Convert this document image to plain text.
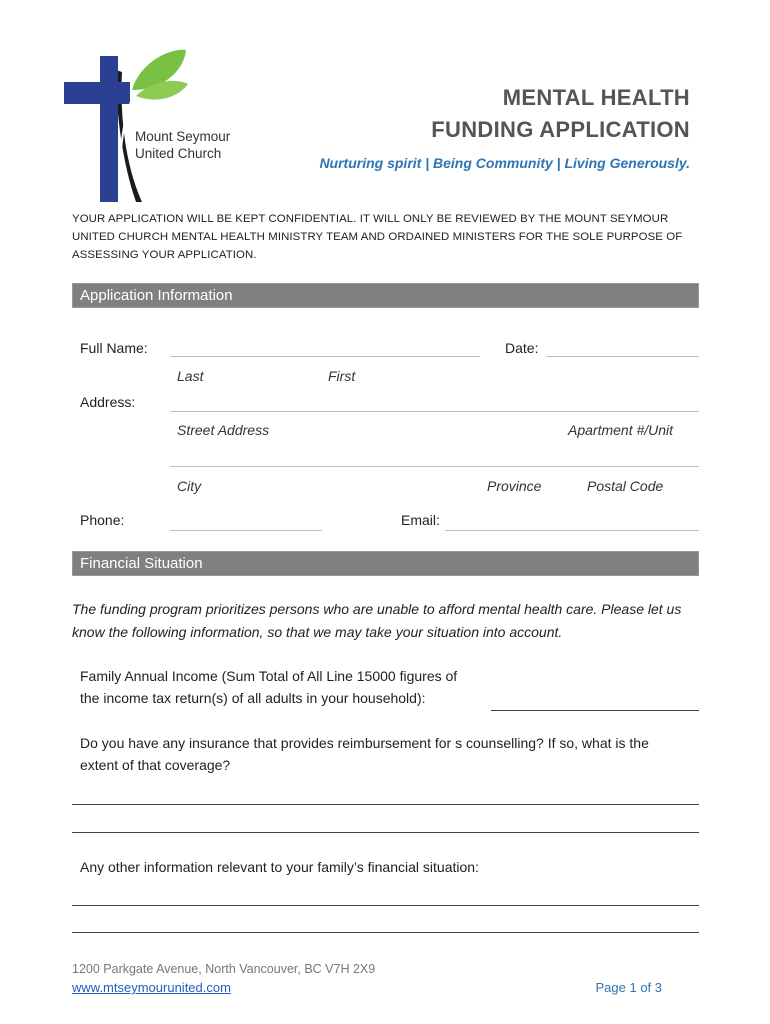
Mount Seymour
United Church
MENTAL HEALTH
FUNDING APPLICATION
Nurturing spirit | Being Community | Living Generously.
YOUR APPLICATION WILL BE KEPT CONFIDENTIAL. IT WILL ONLY BE REVIEWED BY THE MOUNT SEYMOUR UNITED CHURCH MENTAL HEALTH MINISTRY TEAM AND ORDAINED MINISTERS FOR THE SOLE PURPOSE OF ASSESSING YOUR APPLICATION.
Application Information
Full Name:	Date:
Last	First
Address:
Street Address	Apartment #/Unit
City	Province	Postal Code
Phone:	Email:
Financial Situation
The funding program prioritizes persons who are unable to afford mental health care. Please let us
know the following information, so that we may take your situation into account.
Family Annual Income (Sum Total of All Line 15000 figures of
the income tax return(s) of all adults in your household):
Do you have any insurance that provides reimbursement for s counselling? If so, what is the
extent of that coverage?
Any other information relevant to your family’s financial situation:
1200 Parkgate Avenue, North Vancouver, BC V7H 2X9
www.mtseymourunited.com	Page 1 of 3
